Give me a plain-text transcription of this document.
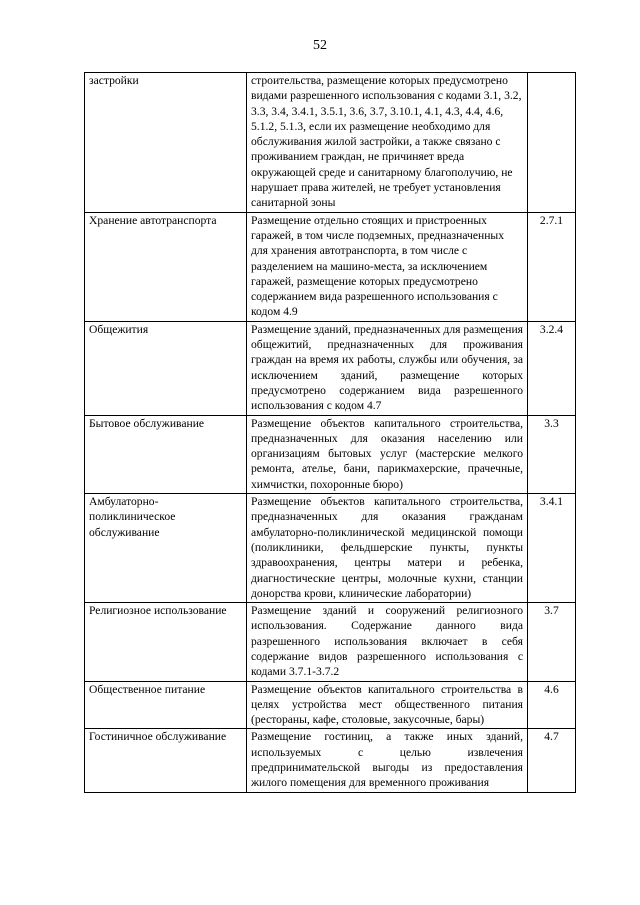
52
застройки	строительства, размещение которых предусмотрено видами разрешенного использования с кодами 3.1, 3.2, 3.3, 3.4, 3.4.1, 3.5.1, 3.6, 3.7, 3.10.1, 4.1, 4.3, 4.4, 4.6, 5.1.2, 5.1.3, если их размещение необходимо для обслуживания жилой застройки, а также связано с проживанием граждан, не причиняет вреда окружающей среде и санитарному благополучию, не нарушает права жителей, не требует установления санитарной зоны	
Хранение автотранспорта	Размещение отдельно стоящих и пристроенных гаражей, в том числе подземных, предназначенных для хранения автотранспорта, в том числе с разделением на машино-места, за исключением гаражей, размещение которых предусмотрено содержанием вида разрешенного использования с кодом 4.9	2.7.1
Общежития	Размещение зданий, предназначенных для размещения общежитий, предназначенных для проживания граждан на время их работы, службы или обучения, за исключением зданий, размещение которых предусмотрено содержанием вида разрешенного использования с кодом 4.7	3.2.4
Бытовое обслуживание	Размещение объектов капитального строительства, предназначенных для оказания населению или организациям бытовых услуг (мастерские мелкого ремонта, ателье, бани, парикмахерские, прачечные, химчистки, похоронные бюро)	3.3
Амбулаторно-поликлиническое обслуживание	Размещение объектов капитального строительства, предназначенных для оказания гражданам амбулаторно-поликлинической медицинской помощи (поликлиники, фельдшерские пункты, пункты здравоохранения, центры матери и ребенка, диагностические центры, молочные кухни, станции донорства крови, клинические лаборатории)	3.4.1
Религиозное использование	Размещение зданий и сооружений религиозного использования. Содержание данного вида разрешенного использования включает в себя содержание видов разрешенного использования с кодами 3.7.1-3.7.2	3.7
Общественное питание	Размещение объектов капитального строительства в целях устройства мест общественного питания (рестораны, кафе, столовые, закусочные, бары)	4.6
Гостиничное обслуживание	Размещение гостиниц, а также иных зданий, используемых с целью извлечения предпринимательской выгоды из предоставления жилого помещения для временного проживания	4.7
